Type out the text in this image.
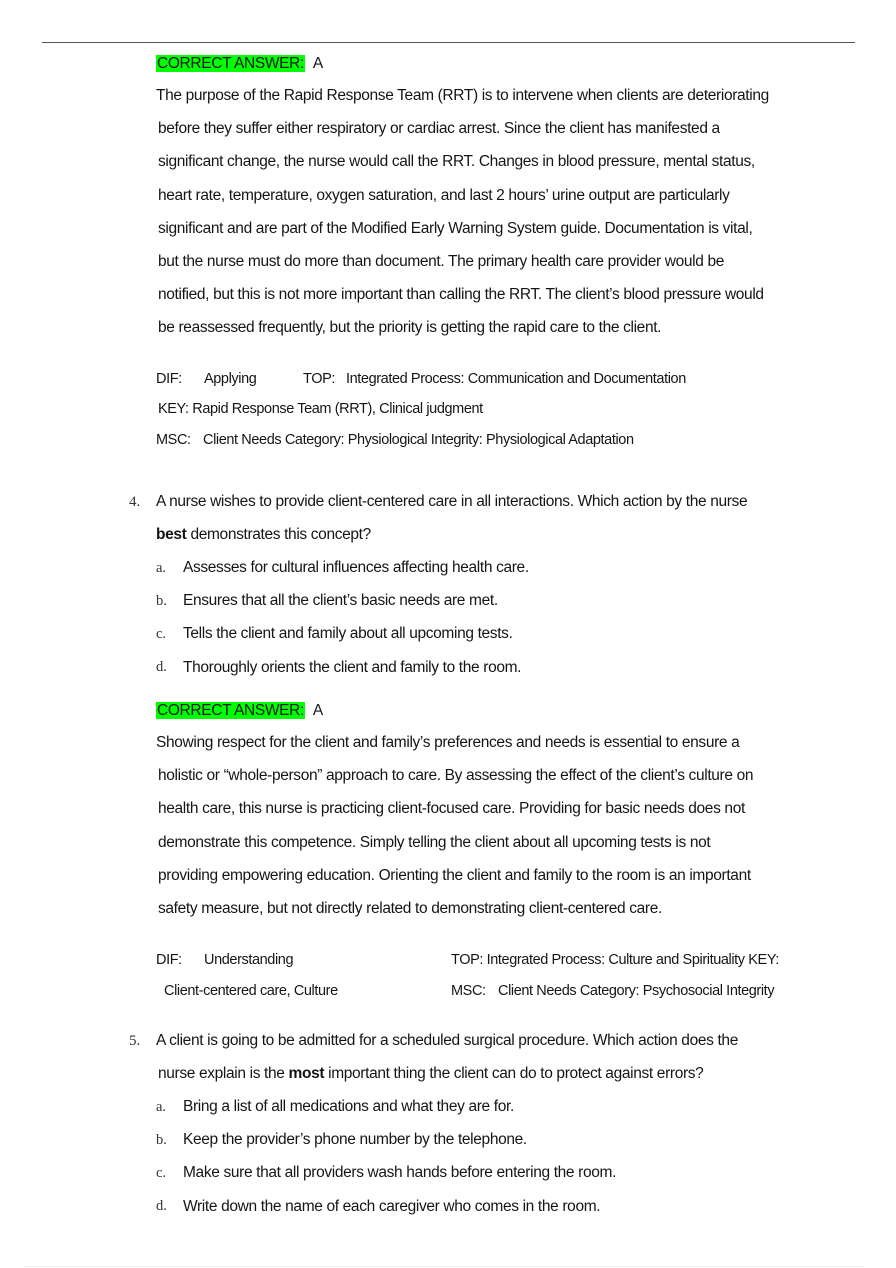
CORRECT ANSWER: A
The purpose of the Rapid Response Team (RRT) is to intervene when clients are deteriorating
before they suffer either respiratory or cardiac arrest. Since the client has manifested a
significant change, the nurse would call the RRT. Changes in blood pressure, mental status,
heart rate, temperature, oxygen saturation, and last 2 hours’ urine output are particularly
significant and are part of the Modified Early Warning System guide. Documentation is vital,
but the nurse must do more than document. The primary health care provider would be
notified, but this is not more important than calling the RRT. The client’s blood pressure would
be reassessed frequently, but the priority is getting the rapid care to the client.
DIF: Applying	TOP: Integrated Process: Communication and Documentation
KEY: Rapid Response Team (RRT), Clinical judgment
MSC: Client Needs Category: Physiological Integrity: Physiological Adaptation
4. A nurse wishes to provide client-centered care in all interactions. Which action by the nurse
best demonstrates this concept?
a. Assesses for cultural influences affecting health care.
b. Ensures that all the client’s basic needs are met.
c. Tells the client and family about all upcoming tests.
d. Thoroughly orients the client and family to the room.
CORRECT ANSWER: A
Showing respect for the client and family’s preferences and needs is essential to ensure a
holistic or “whole-person” approach to care. By assessing the effect of the client’s culture on
health care, this nurse is practicing client-focused care. Providing for basic needs does not
demonstrate this competence. Simply telling the client about all upcoming tests is not
providing empowering education. Orienting the client and family to the room is an important
safety measure, but not directly related to demonstrating client-centered care.
DIF: Understanding	TOP: Integrated Process: Culture and Spirituality KEY:
Client-centered care, Culture	MSC: Client Needs Category: Psychosocial Integrity
5. A client is going to be admitted for a scheduled surgical procedure. Which action does the
nurse explain is the most important thing the client can do to protect against errors?
a. Bring a list of all medications and what they are for.
b. Keep the provider’s phone number by the telephone.
c. Make sure that all providers wash hands before entering the room.
d. Write down the name of each caregiver who comes in the room.
